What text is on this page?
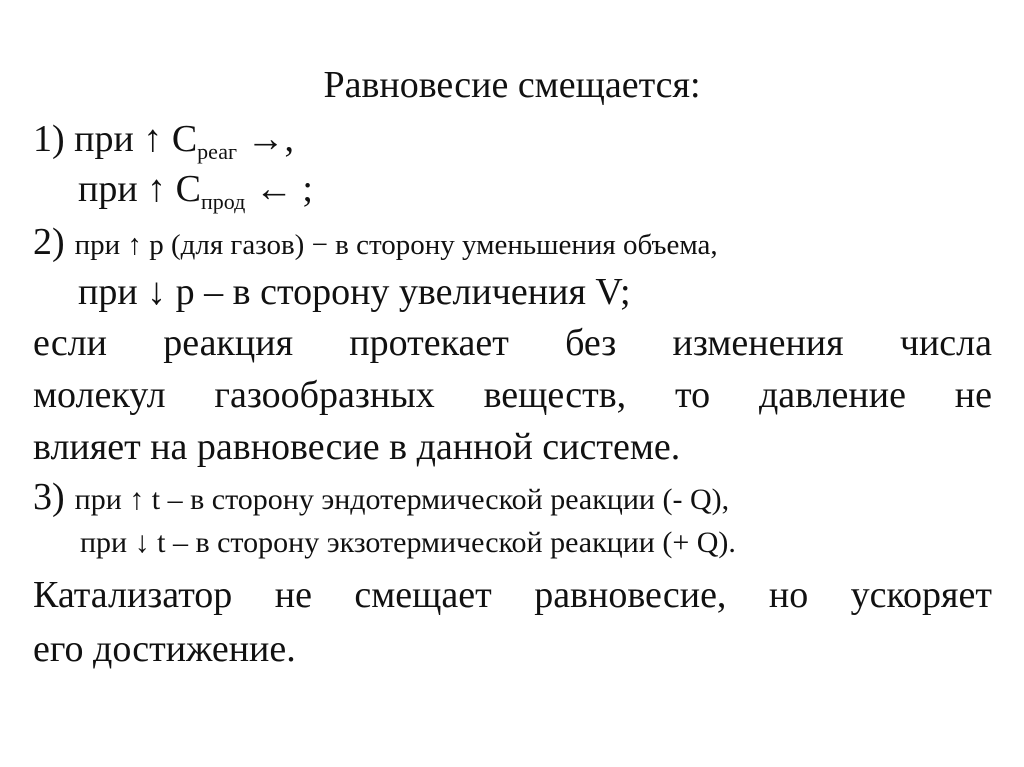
Равновесие смещается:
1) при ↑ $С_{реаг}$ →,
при ↑ $С_{прод}$ ← ;
2) при ↑ p (для газов) − в сторону уменьшения объема,
при ↓ p – в сторону увеличения V;
если реакция протекает без изменения числа
молекул газообразных веществ, то давление не
влияет на равновесие в данной системе.
3) при ↑ t – в сторону эндотермической реакции (- Q),
при ↓ t – в сторону экзотермической реакции (+ Q).
Катализатор не смещает равновесие, но ускоряет
его достижение.
